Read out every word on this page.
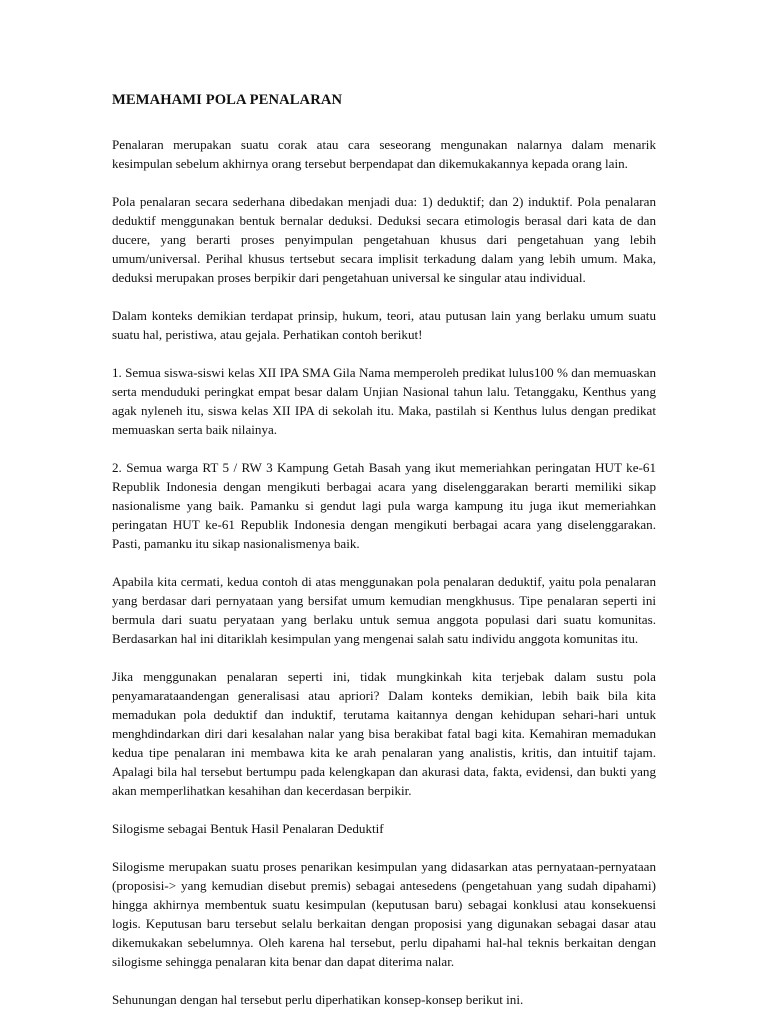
MEMAHAMI POLA PENALARAN

Penalaran merupakan suatu corak atau cara seseorang mengunakan nalarnya dalam menarik kesimpulan sebelum akhirnya orang tersebut berpendapat dan dikemukakannya kepada orang lain.

Pola penalaran secara sederhana dibedakan menjadi dua: 1) deduktif; dan 2) induktif. Pola penalaran deduktif menggunakan bentuk bernalar deduksi. Deduksi secara etimologis berasal dari kata de dan ducere, yang berarti proses penyimpulan pengetahuan khusus dari pengetahuan yang lebih umum/universal. Perihal khusus tertsebut secara implisit terkadung dalam yang lebih umum. Maka, deduksi merupakan proses berpikir dari pengetahuan universal ke singular atau individual.

Dalam konteks demikian terdapat prinsip, hukum, teori, atau putusan lain yang berlaku umum suatu suatu hal, peristiwa, atau gejala. Perhatikan contoh berikut!

1. Semua siswa-siswi kelas XII IPA SMA Gila Nama memperoleh predikat lulus100 % dan memuaskan serta menduduki peringkat empat besar dalam Unjian Nasional tahun lalu. Tetanggaku, Kenthus yang agak nyleneh itu, siswa kelas XII IPA di sekolah itu. Maka, pastilah si Kenthus lulus dengan predikat memuaskan serta baik nilainya.

2. Semua warga RT 5 / RW 3 Kampung Getah Basah yang ikut memeriahkan peringatan HUT ke-61 Republik Indonesia dengan mengikuti berbagai acara yang diselenggarakan berarti memiliki sikap nasionalisme yang baik. Pamanku si gendut lagi pula warga kampung itu juga ikut memeriahkan peringatan HUT ke-61 Republik Indonesia dengan mengikuti berbagai acara yang diselenggarakan. Pasti, pamanku itu sikap nasionalismenya baik.

Apabila kita cermati, kedua contoh di atas menggunakan pola penalaran deduktif, yaitu pola penalaran yang berdasar dari pernyataan yang bersifat umum kemudian mengkhusus. Tipe penalaran seperti ini bermula dari suatu peryataan yang berlaku untuk semua anggota populasi dari suatu komunitas. Berdasarkan hal ini ditariklah kesimpulan yang mengenai salah satu individu anggota komunitas itu.

Jika menggunakan penalaran seperti ini, tidak mungkinkah kita terjebak dalam sustu pola penyamarataandengan generalisasi atau apriori? Dalam konteks demikian, lebih baik bila kita memadukan pola deduktif dan induktif, terutama kaitannya dengan kehidupan sehari-hari untuk menghdindarkan diri dari kesalahan nalar yang bisa berakibat fatal bagi kita. Kemahiran memadukan kedua tipe penalaran ini membawa kita ke arah penalaran yang analistis, kritis, dan intuitif tajam. Apalagi bila hal tersebut bertumpu pada kelengkapan dan akurasi data, fakta, evidensi, dan bukti yang akan memperlihatkan kesahihan dan kecerdasan berpikir.

Silogisme sebagai Bentuk Hasil Penalaran Deduktif

Silogisme merupakan suatu proses penarikan kesimpulan yang didasarkan atas pernyataan-pernyataan (proposisi-> yang kemudian disebut premis) sebagai antesedens (pengetahuan yang sudah dipahami) hingga akhirnya membentuk suatu kesimpulan (keputusan baru) sebagai konklusi atau konsekuensi logis. Keputusan baru tersebut selalu berkaitan dengan proposisi yang digunakan sebagai dasar atau dikemukakan sebelumnya. Oleh karena hal tersebut, perlu dipahami hal-hal teknis berkaitan dengan silogisme sehingga penalaran kita benar dan dapat diterima nalar.

Sehunungan dengan hal tersebut perlu diperhatikan konsep-konsep berikut ini.
